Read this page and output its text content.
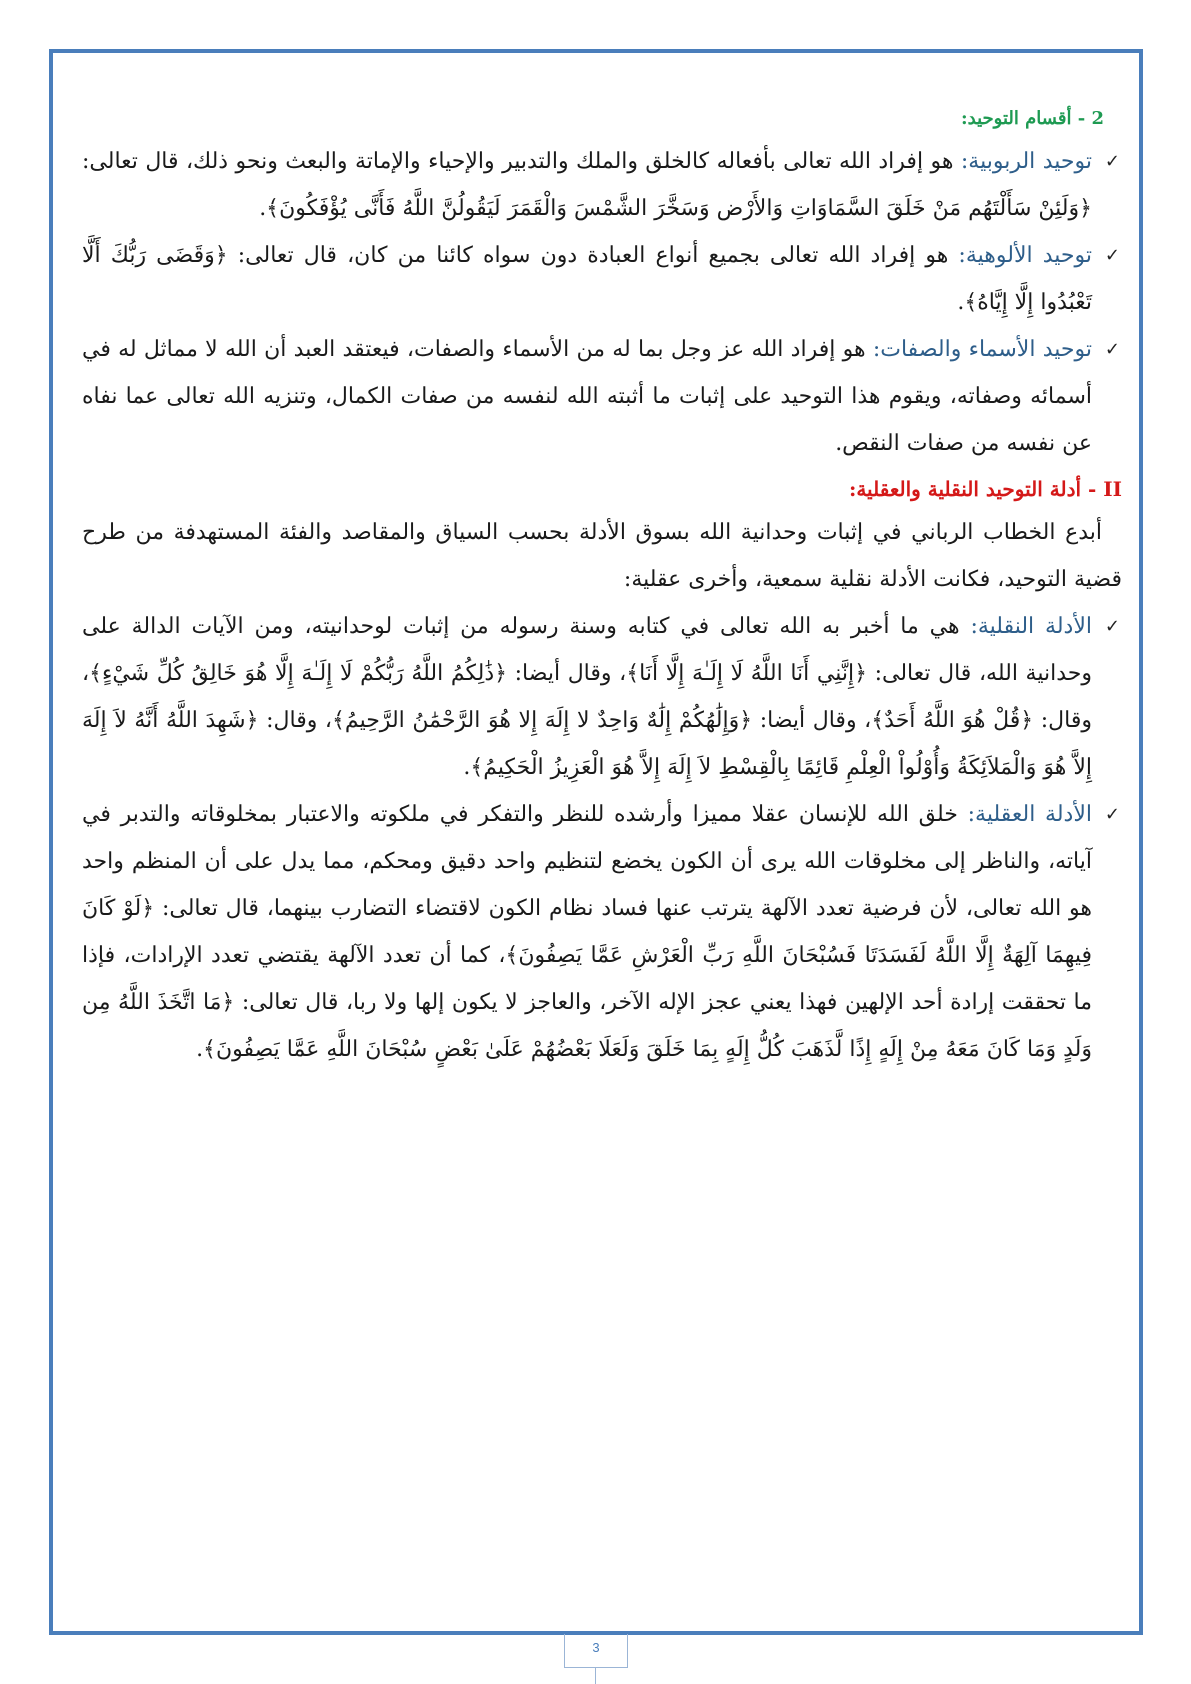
2 - أقسام التوحيد:

✓
توحيد الربوبية: هو إفراد الله تعالى بأفعاله كالخلق والملك والتدبير والإحياء والإماتة والبعث ونحو ذلك، قال تعالى: ﴿وَلَئِنْ سَأَلْتَهُم مَنْ خَلَقَ السَّمَاوَاتِ وَالأَرْض وَسَخَّرَ الشَّمْسَ وَالْقَمَرَ لَيَقُولُنَّ اللَّهُ فَأَنَّى يُؤْفَكُونَ﴾.

✓
توحيد الألوهية: هو إفراد الله تعالى بجميع أنواع العبادة دون سواه كائنا من كان، قال تعالى: ﴿وَقَضَى رَبُّكَ أَلَّا تَعْبُدُوا إِلَّا إِيَّاهُ﴾.

✓
توحيد الأسماء والصفات: هو إفراد الله عز وجل بما له من الأسماء والصفات، فيعتقد العبد أن الله لا مماثل له في أسمائه وصفاته، ويقوم هذا التوحيد على إثبات ما أثبته الله لنفسه من صفات الكمال، وتنزيه الله تعالى عما نفاه عن نفسه من صفات النقص.

II - أدلة التوحيد النقلية والعقلية:

أبدع الخطاب الرباني في إثبات وحدانية الله بسوق الأدلة بحسب السياق والمقاصد والفئة المستهدفة من طرح قضية التوحيد، فكانت الأدلة نقلية سمعية، وأخرى عقلية:

✓
الأدلة النقلية: هي ما أخبر به الله تعالى في كتابه وسنة رسوله من إثبات لوحدانيته، ومن الآيات الدالة على وحدانية الله، قال تعالى: ﴿إِنَّنِي أَنَا اللَّهُ لَا إِلَـٰهَ إِلَّا أَنَا﴾، وقال أيضا: ﴿ذَٰلِكُمُ اللَّهُ رَبُّكُمْ لَا إِلَـٰهَ إِلَّا هُوَ خَالِقُ كُلِّ شَيْءٍ﴾، وقال: ﴿قُلْ هُوَ اللَّهُ أَحَدٌ﴾، وقال أيضا: ﴿وَإِلَٰهُكُمْ إِلَٰهٌ وَاحِدٌ لا إِلَهَ إِلا هُوَ الرَّحْمَٰنُ الرَّحِيمُ﴾، وقال: ﴿شَهِدَ اللَّهُ أَنَّهُ لاَ إِلَهَ إِلاَّ هُوَ وَالْمَلاَئِكَةُ وَأُوْلُواْ الْعِلْمِ قَائِمًا بِالْقِسْطِ لاَ إِلَهَ إِلاَّ هُوَ الْعَزِيزُ الْحَكِيمُ﴾.

✓
الأدلة العقلية: خلق الله للإنسان عقلا مميزا وأرشده للنظر والتفكر في ملكوته والاعتبار بمخلوقاته والتدبر في آياته، والناظر إلى مخلوقات الله يرى أن الكون يخضع لتنظيم واحد دقيق ومحكم، مما يدل على أن المنظم واحد هو الله تعالى، لأن فرضية تعدد الآلهة يترتب عنها فساد نظام الكون لاقتضاء التضارب بينهما، قال تعالى: ﴿لَوْ كَانَ فِيهِمَا آلِهَةٌ إِلَّا اللَّهُ لَفَسَدَتَا فَسُبْحَانَ اللَّهِ رَبِّ الْعَرْشِ عَمَّا يَصِفُونَ﴾، كما أن تعدد الآلهة يقتضي تعدد الإرادات، فإذا ما تحققت إرادة أحد الإلهين فهذا يعني عجز الإله الآخر، والعاجز لا يكون إلها ولا ربا، قال تعالى: ﴿مَا اتَّخَذَ اللَّهُ مِن وَلَدٍ وَمَا كَانَ مَعَهُ مِنْ إِلَهٍ إِذًا لَّذَهَبَ كُلُّ إِلَهٍ بِمَا خَلَقَ وَلَعَلَا بَعْضُهُمْ عَلَىٰ بَعْضٍ سُبْحَانَ اللَّهِ عَمَّا يَصِفُونَ﴾.

3
